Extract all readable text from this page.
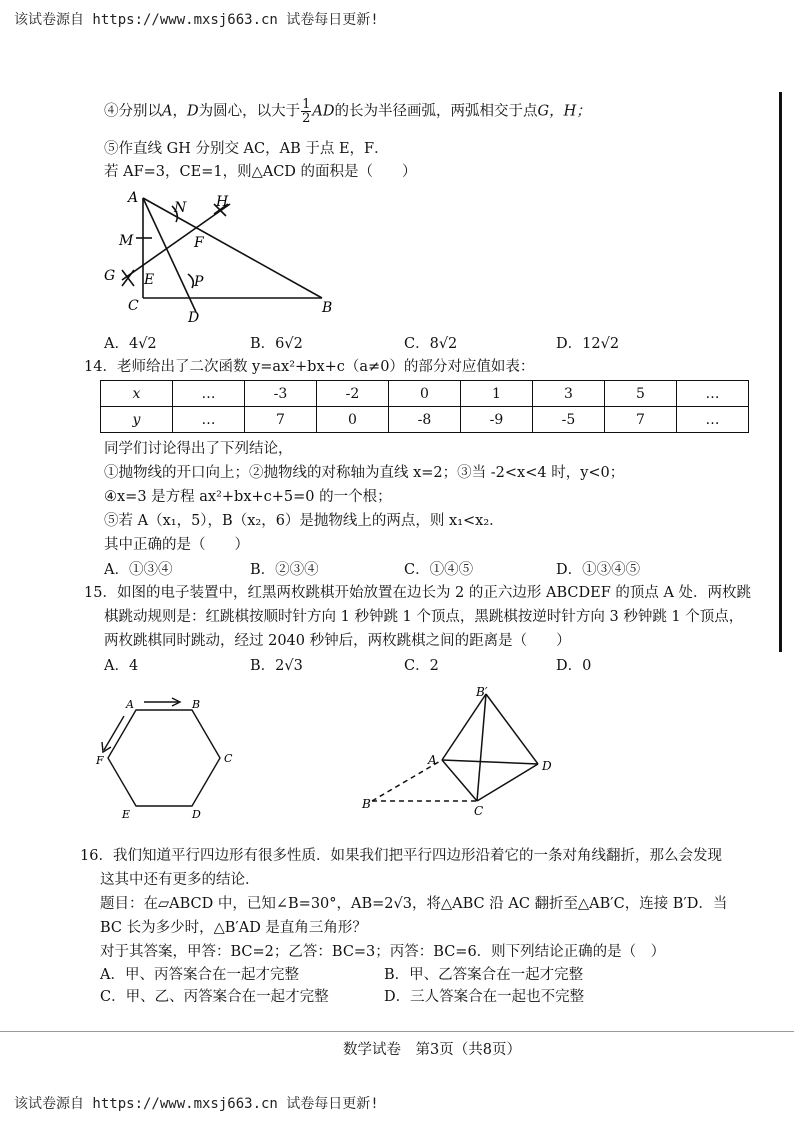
该试卷源自 https://www.mxsj663.cn 试卷每日更新!
④分别以A，D为圆心，以大于 $\frac{1}{2}$ AD的长为半径画弧，两弧相交于点G，H；
⑤作直线 GH 分别交 AC，AB 于点 E，F．
若 AF=3，CE=1，则△ACD 的面积是（　　）
A
N H
M	F
G E	P
C
D
B
A．4√2	B．6√2	C．8√2	D．12√2
14．老师给出了二次函数 y=ax²+bx+c（a≠0）的部分对应值如表：
x	…	-3	-2	0	1	3	5	…
y	…	7	0	-8	-9	-5	7	…
同学们讨论得出了下列结论，
①抛物线的开口向上；②抛物线的对称轴为直线 x=2；③当 -2<x<4 时，y<0；
④x=3 是方程 ax²+bx+c+5=0 的一个根；
⑤若 A（x₁，5），B（x₂，6）是抛物线上的两点，则 x₁<x₂．
其中正确的是（　　）
A．①③④	B．②③④	C．①④⑤	D．①③④⑤
15．如图的电子装置中，红黑两枚跳棋开始放置在边长为 2 的正六边形 ABCDEF 的顶点 A 处．两枚跳
棋跳动规则是：红跳棋按顺时针方向 1 秒钟跳 1 个顶点，黑跳棋按逆时针方向 3 秒钟跳 1 个顶点，
两枚跳棋同时跳动，经过 2040 秒钟后，两枚跳棋之间的距离是（　　）
A．4	B．2√3	C．2	D．0
A	B
C
D
E
F
B′
A	D
B	C
16．我们知道平行四边形有很多性质．如果我们把平行四边形沿着它的一条对角线翻折，那么会发现
这其中还有更多的结论．
题目：在▱ABCD 中，已知∠B=30°，AB=2√3，将△ABC 沿 AC 翻折至△AB′C，连接 B′D．当
BC 长为多少时，△B′AD 是直角三角形？
对于其答案，甲答：BC=2；乙答：BC=3；丙答：BC=6．则下列结论正确的是（　）
A．甲、丙答案合在一起才完整	B．甲、乙答案合在一起才完整
C．甲、乙、丙答案合在一起才完整	D．三人答案合在一起也不完整
数学试卷　第3页（共8页）
该试卷源自 https://www.mxsj663.cn 试卷每日更新!
